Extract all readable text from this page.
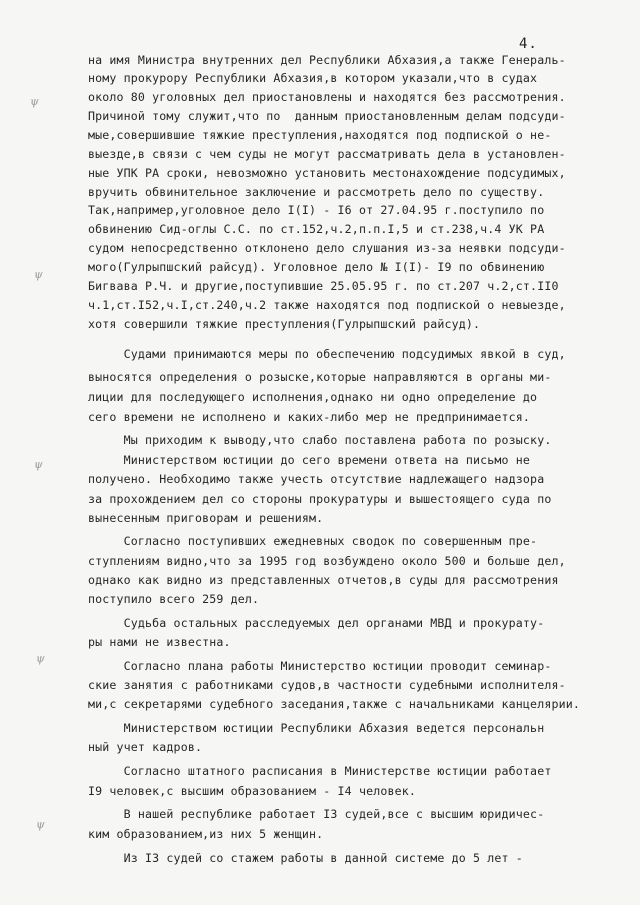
4.
ψ
ψ
ψ
ψ
ψ
на имя Министра внутренних дел Республики Абхазия,а также Генераль-
ному прокурору Республики Абхазия,в котором указали,что в судах
около 80 уголовных дел приостановлены и находятся без рассмотрения.
Причиной тому служит,что по  данным приостановленным делам подсуди-
мые,совершившие тяжкие преступления,находятся под подпиской о не-
выезде,в связи с чем суды не могут рассматривать дела в установлен-
ные УПК РА сроки, невозможно установить местонахождение подсудимых,
вручить обвинительное заключение и рассмотреть дело по существу.
Так,например,уголовное дело I(I) - I6 от 27.04.95 г.поступило по
обвинению Сид-оглы С.С. по ст.152,ч.2,п.п.I,5 и ст.238,ч.4 УК РА
судом непосредственно отклонено дело слушания из-за неявки подсуди-
мого(Гулрыпшский райсуд). Уголовное дело № I(I)- I9 по обвинению
Бигвава Р.Ч. и другие,поступившие 25.05.95 г. по ст.207 ч.2,ст.II0
ч.1,ст.I52,ч.I,ст.240,ч.2 также находятся под подпиской о невыезде,
хотя совершили тяжкие преступления(Гулрыпшский райсуд).
Судами принимаются меры по обеспечению подсудимых явкой в суд,
выносятся определения о розыске,которые направляются в органы ми-
лиции для последующего исполнения,однако ни одно определение до
сего времени не исполнено и каких-либо мер не предпринимается.
Мы приходим к выводу,что слабо поставлена работа по розыску.
Министерством юстиции до сего времени ответа на письмо не
получено. Необходимо также учесть отсутствие надлежащего надзора
за прохождением дел со стороны прокуратуры и вышестоящего суда по
вынесенным приговорам и решениям.
Согласно поступивших ежедневных сводок по совершенным пре-
ступлениям видно,что за 1995 год возбуждено около 500 и больше дел,
однако как видно из представленных отчетов,в суды для рассмотрения
поступило всего 259 дел.
Судьба остальных расследуемых дел органами МВД и прокурату-
ры нами не известна.
Согласно плана работы Министерство юстиции проводит семинар-
ские занятия с работниками судов,в частности судебными исполнителя-
ми,с секретарями судебного заседания,также с начальниками канцелярии.
Министерством юстиции Республики Абхазия ведется персональн
ный учет кадров.
Согласно штатного расписания в Министерстве юстиции работает
I9 человек,с высшим образованием - I4 человек.
В нашей республике работает I3 судей,все с высшим юридичес-
ким образованием,из них 5 женщин.
Из I3 судей со стажем работы в данной системе до 5 лет -
